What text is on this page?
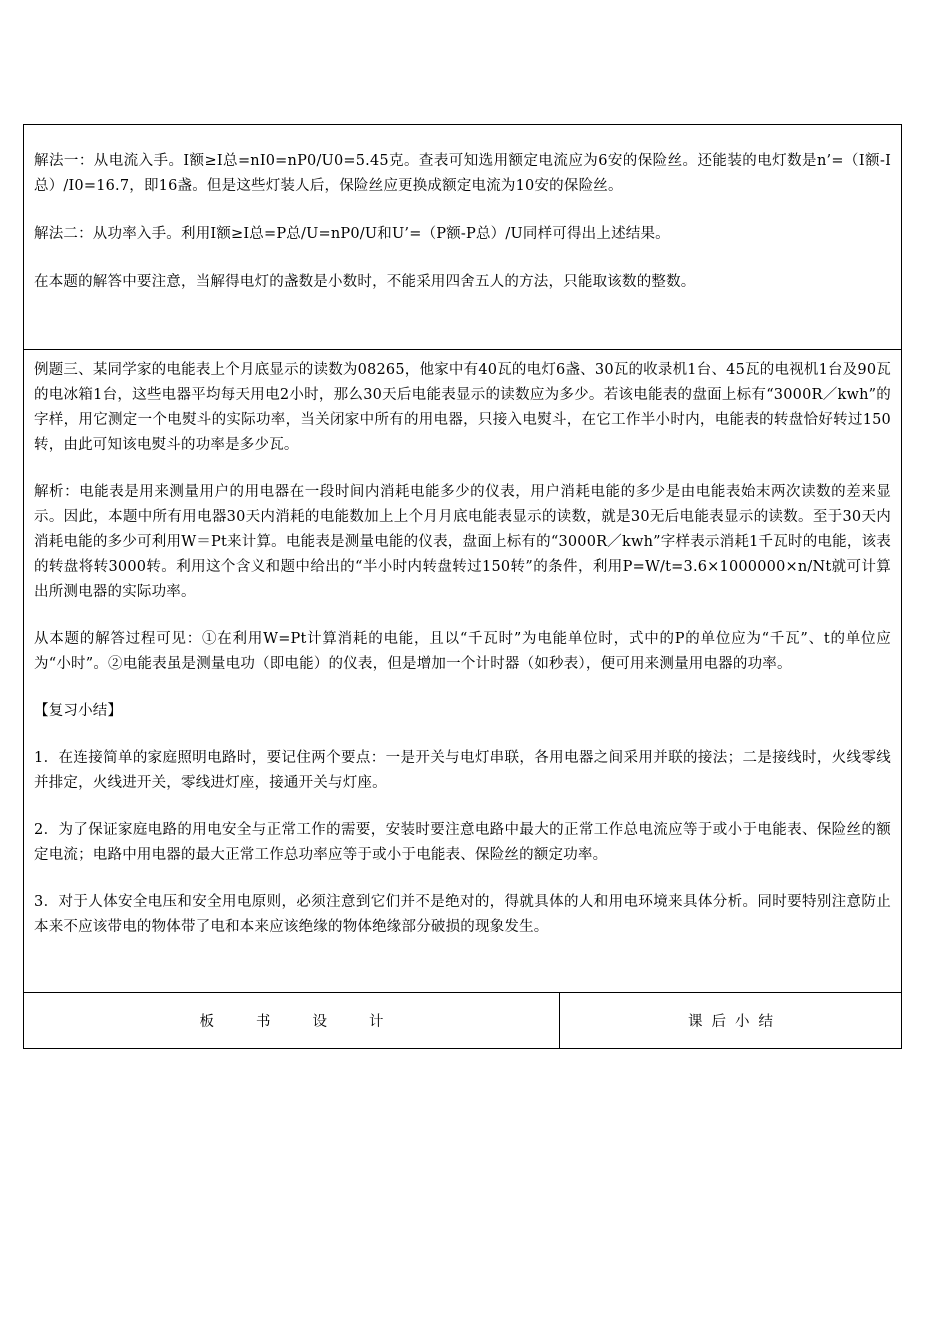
解法一：从电流入手。I额≥I总=nI0=nP0/U0=5.45克。查表可知选用额定电流应为6安的保险丝。还能装的电灯数是n’=（I额-I总）/I0=16.7，即16盏。但是这些灯装人后，保险丝应更换成额定电流为10安的保险丝。

解法二：从功率入手。利用I额≥I总=P总/U=nP0/U和U’=（P额-P总）/U同样可得出上述结果。

在本题的解答中要注意，当解得电灯的盏数是小数时，不能采用四舍五人的方法，只能取该数的整数。

例题三、某同学家的电能表上个月底显示的读数为08265，他家中有40瓦的电灯6盏、30瓦的收录机1台、45瓦的电视机1台及90瓦的电冰箱1台，这些电器平均每天用电2小时，那么30天后电能表显示的读数应为多少。若该电能表的盘面上标有“3000R／kwh”的字样，用它测定一个电熨斗的实际功率，当关闭家中所有的用电器，只接入电熨斗，在它工作半小时内，电能表的转盘恰好转过150转，由此可知该电熨斗的功率是多少瓦。

解析：电能表是用来测量用户的用电器在一段时间内消耗电能多少的仪表，用户消耗电能的多少是由电能表始末两次读数的差来显示。因此，本题中所有用电器30天内消耗的电能数加上上个月月底电能表显示的读数，就是30无后电能表显示的读数。至于30天内消耗电能的多少可利用W＝Pt来计算。电能表是测量电能的仪表，盘面上标有的“3000R／kwh”字样表示消耗1千瓦时的电能，该表的转盘将转3000转。利用这个含义和题中给出的“半小时内转盘转过150转”的条件，利用P=W/t=3.6×1000000×n/Nt就可计算出所测电器的实际功率。

从本题的解答过程可见：①在利用W=Pt计算消耗的电能，且以“千瓦时”为电能单位时，式中的P的单位应为“千瓦”、t的单位应为“小时”。②电能表虽是测量电功（即电能）的仪表，但是增加一个计时器（如秒表），便可用来测量用电器的功率。

【复习小结】

1．在连接简单的家庭照明电路时，要记住两个要点：一是开关与电灯串联，各用电器之间采用并联的接法；二是接线时，火线零线并排定，火线进开关，零线进灯座，接通开关与灯座。

2．为了保证家庭电路的用电安全与正常工作的需要，安装时要注意电路中最大的正常工作总电流应等于或小于电能表、保险丝的额定电流；电路中用电器的最大正常工作总功率应等于或小于电能表、保险丝的额定功率。

3．对于人体安全电压和安全用电原则，必须注意到它们并不是绝对的，得就具体的人和用电环境来具体分析。同时要特别注意防止本来不应该带电的物体带了电和本来应该绝缘的物体绝缘部分破损的现象发生。

板书设计	课后小结
